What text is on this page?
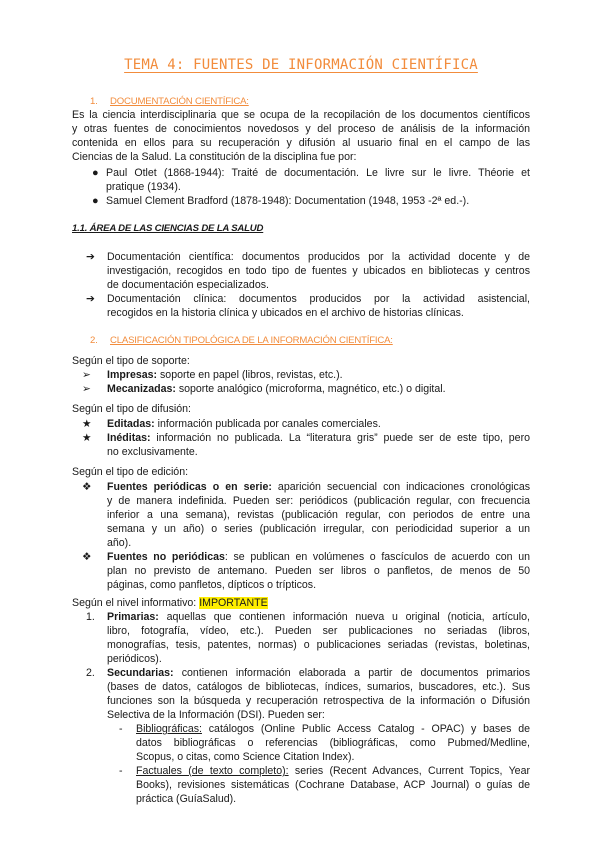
TEMA 4: FUENTES DE INFORMACIÓN CIENTÍFICA
1. DOCUMENTACIÓN CIENTÍFICA:
Es la ciencia interdisciplinaria que se ocupa de la recopilación de los documentos científicos
y otras fuentes de conocimientos novedosos y del proceso de análisis de la información
contenida en ellos para su recuperación y difusión al usuario final en el campo de las
Ciencias de la Salud. La constitución de la disciplina fue por:
● Paul Otlet (1868-1944): Traité de documentación. Le livre sur le livre. Théorie et
pratique (1934).
● Samuel Clement Bradford (1878-1948): Documentation (1948, 1953 -2ª ed.-).
1.1. ÁREA DE LAS CIENCIAS DE LA SALUD
➔	Documentación científica: documentos producidos por la actividad docente y de
investigación, recogidos en todo tipo de fuentes y ubicados en bibliotecas y centros
de documentación especializados.
➔	Documentación clínica: documentos producidos por la actividad asistencial,
recogidos en la historia clínica y ubicados en el archivo de historias clínicas.
2. CLASIFICACIÓN TIPOLÓGICA DE LA INFORMACIÓN CIENTÍFICA:
Según el tipo de soporte:
➢	Impresas: soporte en papel (libros, revistas, etc.).
➢	Mecanizadas: soporte analógico (microforma, magnético, etc.) o digital.
Según el tipo de difusión:
★	Editadas: información publicada por canales comerciales.
★	Inéditas: información no publicada. La “literatura gris” puede ser de este tipo, pero
no exclusivamente.
Según el tipo de edición:
❖	Fuentes periódicas o en serie: aparición secuencial con indicaciones cronológicas
y de manera indefinida. Pueden ser: periódicos (publicación regular, con frecuencia
inferior a una semana), revistas (publicación regular, con periodos de entre una
semana y un año) o series (publicación irregular, con periodicidad superior a un
año).
❖	Fuentes no periódicas: se publican en volúmenes o fascículos de acuerdo con un
plan no previsto de antemano. Pueden ser libros o panfletos, de menos de 50
páginas, como panfletos, dípticos o trípticos.
Según el nivel informativo: IMPORTANTE
1.	Primarias: aquellas que contienen información nueva u original (noticia, artículo,
libro, fotografía, vídeo, etc.). Pueden ser publicaciones no seriadas (libros,
monografías, tesis, patentes, normas) o publicaciones seriadas (revistas, boletinas,
periódicos).
2.	Secundarias: contienen información elaborada a partir de documentos primarios
(bases de datos, catálogos de bibliotecas, índices, sumarios, buscadores, etc.). Sus
funciones son la búsqueda y recuperación retrospectiva de la información o Difusión
Selectiva de la Información (DSI). Pueden ser:
-	Bibliográficas: catálogos (Online Public Access Catalog - OPAC) y bases de
datos bibliográficas o referencias (bibliográficas, como Pubmed/Medline,
Scopus, o citas, como Science Citation Index).
-	Factuales (de texto completo): series (Recent Advances, Current Topics, Year
Books), revisiones sistemáticas (Cochrane Database, ACP Journal) o guías de
práctica (GuíaSalud).
